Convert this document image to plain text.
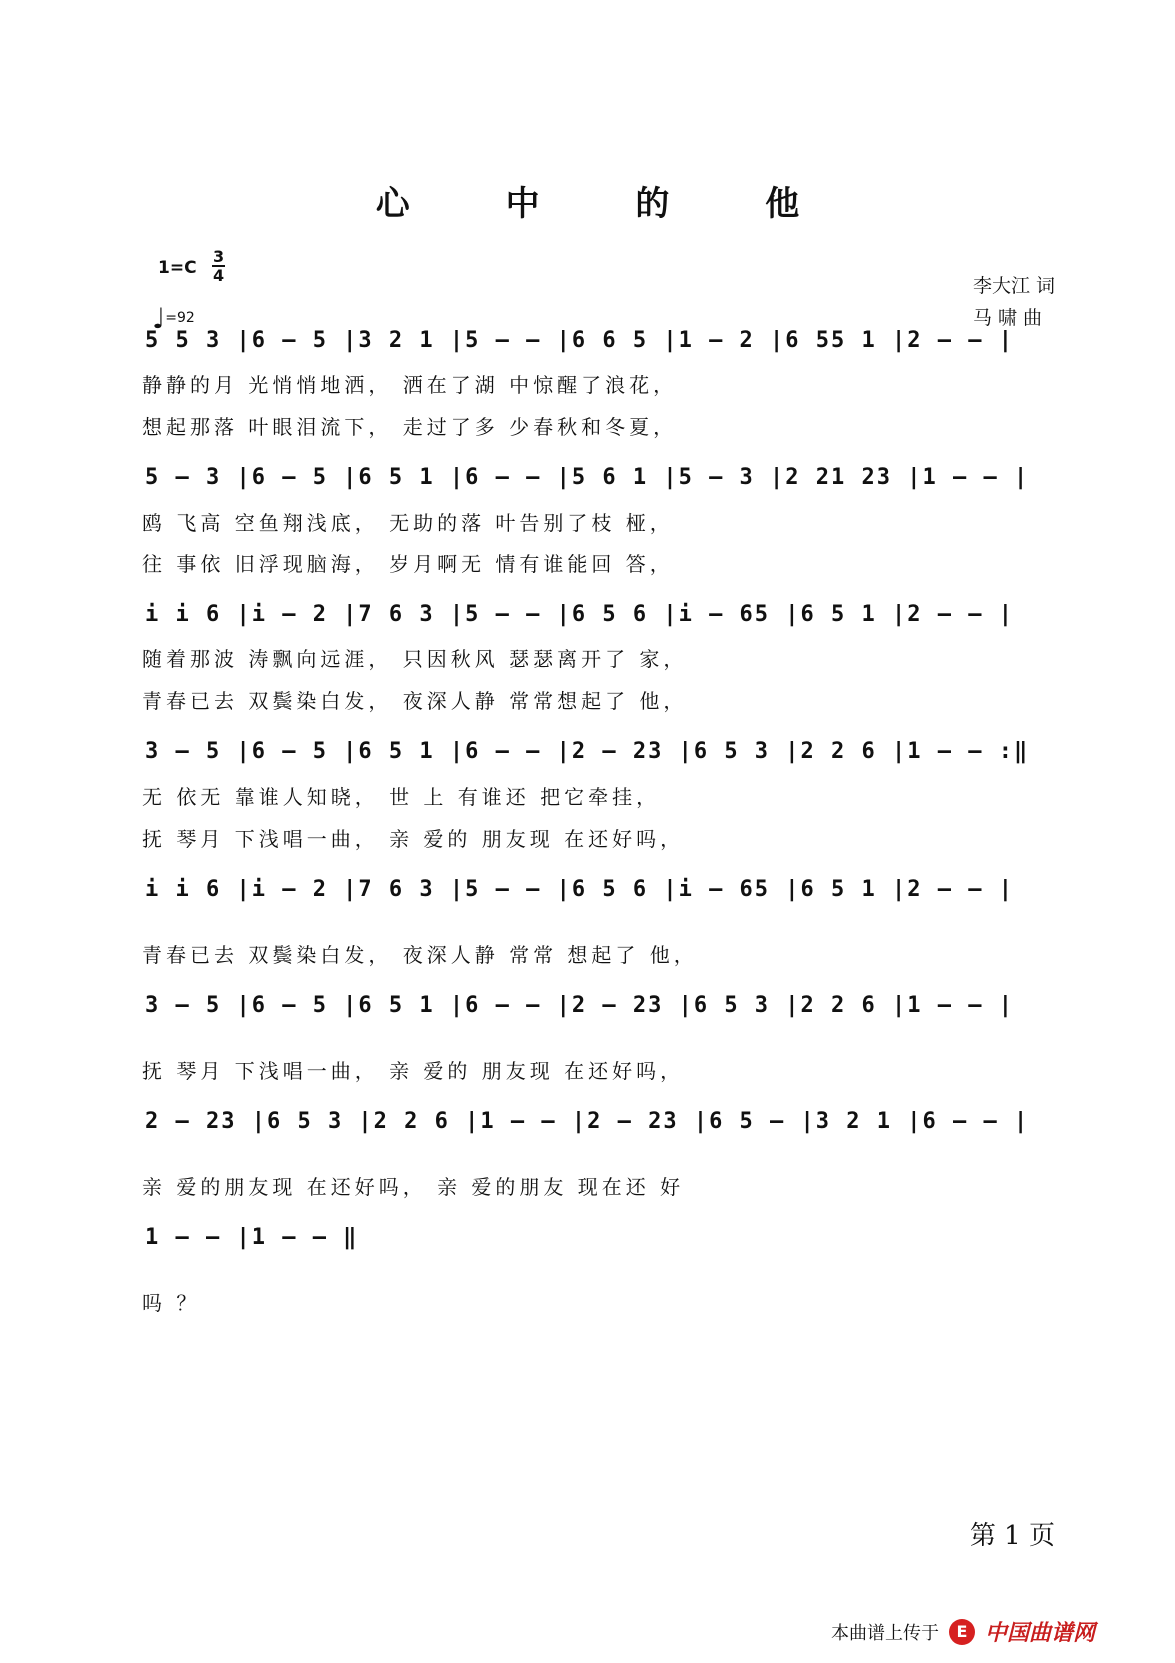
心 中 的 他
1=C
3
4
♩=92
李大江 词
马 啸 曲
5 5 3 |6 – 5 |3 2 1 |5 – – |6 6 5 |1 – 2 |6 55 1 |2 – – |
静静的月 光悄悄地洒， 洒在了湖 中惊醒了浪花，
想起那落 叶眼泪流下， 走过了多 少春秋和冬夏，
5 – 3 |6 – 5 |6 5 1 |6 – – |5 6 1 |5 – 3 |2 21 23 |1 – – |
鸥 飞高 空鱼翔浅底， 无助的落 叶告别了枝 桠，
往 事依 旧浮现脑海， 岁月啊无 情有谁能回 答，
i i 6 |i – 2 |7 6 3 |5 – – |6 5 6 |i – 65 |6 5 1 |2 – – |
随着那波 涛飘向远涯， 只因秋风 瑟瑟离开了 家，
青春已去 双鬓染白发， 夜深人静 常常想起了 他，
3 – 5 |6 – 5 |6 5 1 |6 – – |2 – 23 |6 5 3 |2 2 6 |1 – – :‖
无 依无 靠谁人知晓， 世 上 有谁还 把它牵挂，
抚 琴月 下浅唱一曲， 亲 爱的 朋友现 在还好吗，
i i 6 |i – 2 |7 6 3 |5 – – |6 5 6 |i – 65 |6 5 1 |2 – – |
青春已去 双鬓染白发， 夜深人静 常常 想起了 他，
3 – 5 |6 – 5 |6 5 1 |6 – – |2 – 23 |6 5 3 |2 2 6 |1 – – |
抚 琴月 下浅唱一曲， 亲 爱的 朋友现 在还好吗，
2 – 23 |6 5 3 |2 2 6 |1 – – |2 – 23 |6 5 – |3 2 1 |6 – – |
亲 爱的朋友现 在还好吗， 亲 爱的朋友 现在还 好
1 – – |1 – – ‖
吗 ？
第 1 页
本曲谱上传于	E 中国曲谱网
